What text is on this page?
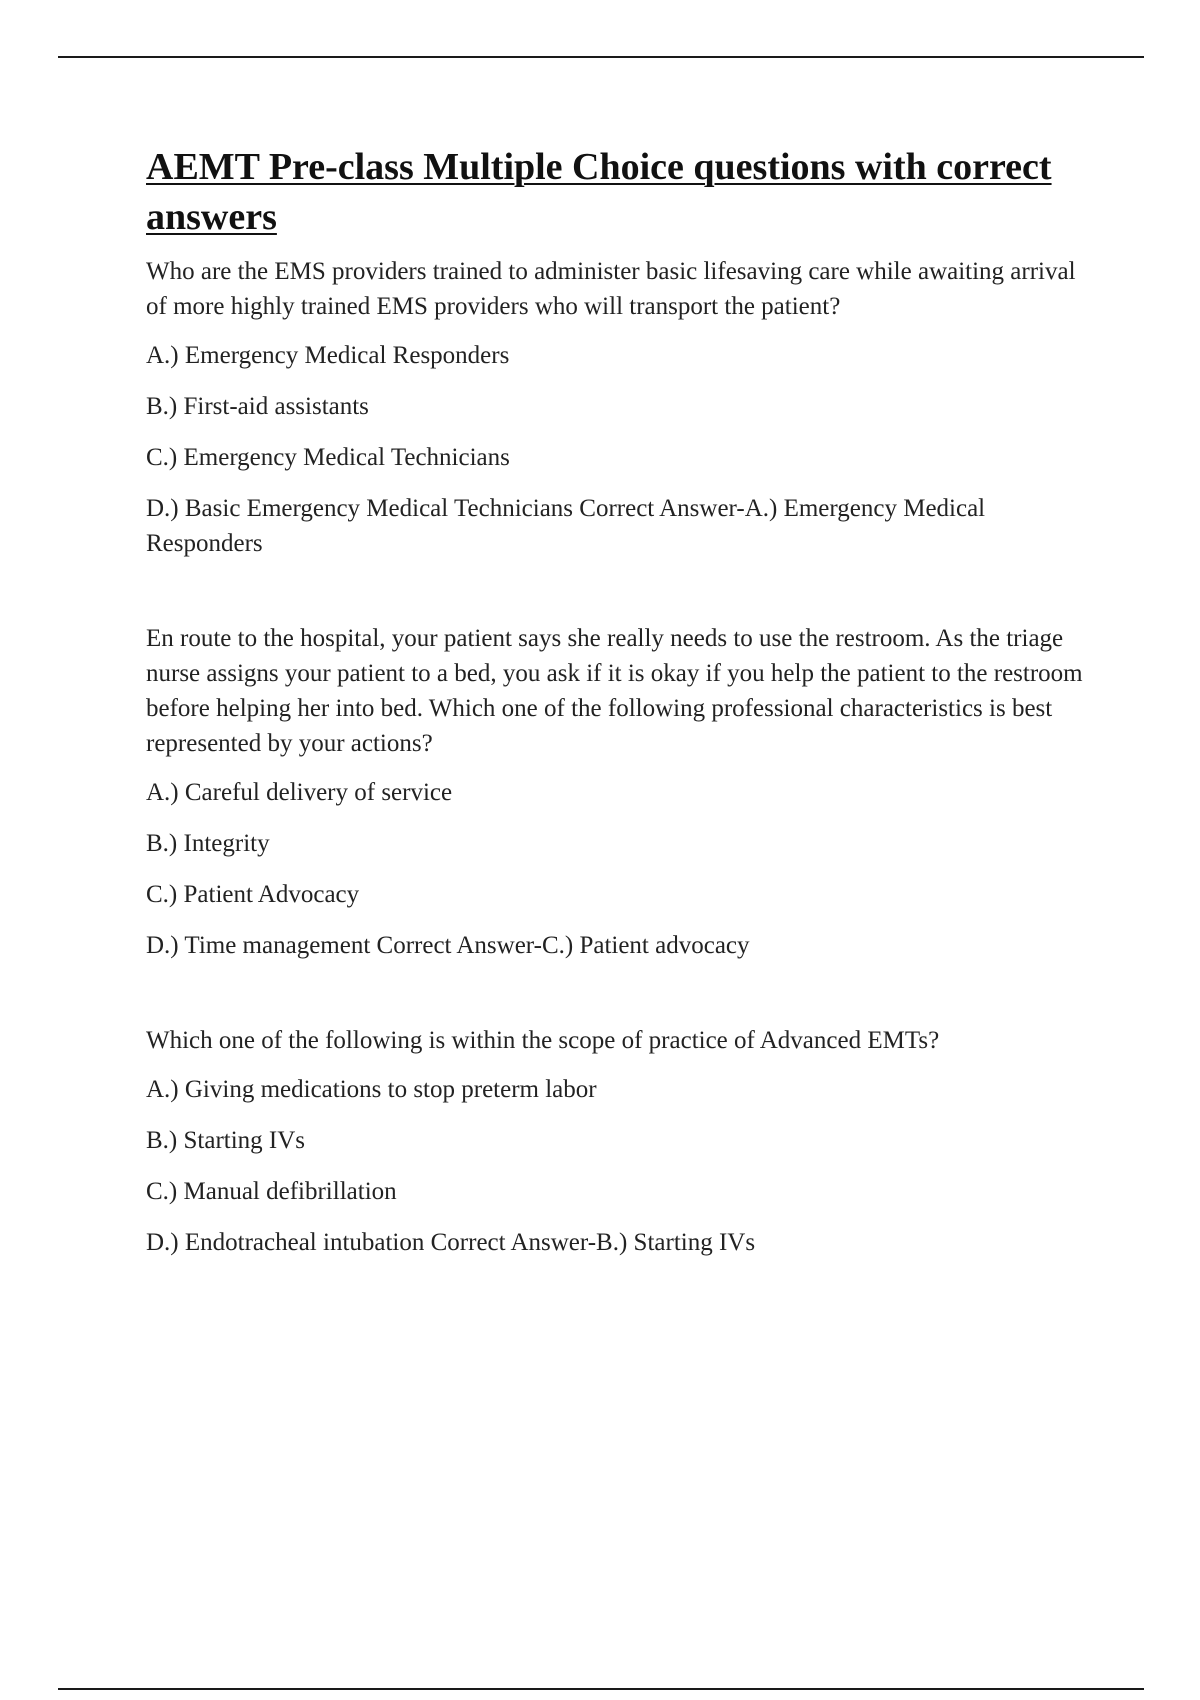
AEMT Pre-class Multiple Choice questions with correct answers

Who are the EMS providers trained to administer basic lifesaving care while awaiting arrival of more highly trained EMS providers who will transport the patient?

A.) Emergency Medical Responders

B.) First-aid assistants

C.) Emergency Medical Technicians

D.) Basic Emergency Medical Technicians Correct Answer-A.) Emergency Medical Responders

En route to the hospital, your patient says she really needs to use the restroom. As the triage nurse assigns your patient to a bed, you ask if it is okay if you help the patient to the restroom before helping her into bed. Which one of the following professional characteristics is best represented by your actions?

A.) Careful delivery of service

B.) Integrity

C.) Patient Advocacy

D.) Time management Correct Answer-C.) Patient advocacy

Which one of the following is within the scope of practice of Advanced EMTs?

A.) Giving medications to stop preterm labor

B.) Starting IVs

C.) Manual defibrillation

D.) Endotracheal intubation Correct Answer-B.) Starting IVs
